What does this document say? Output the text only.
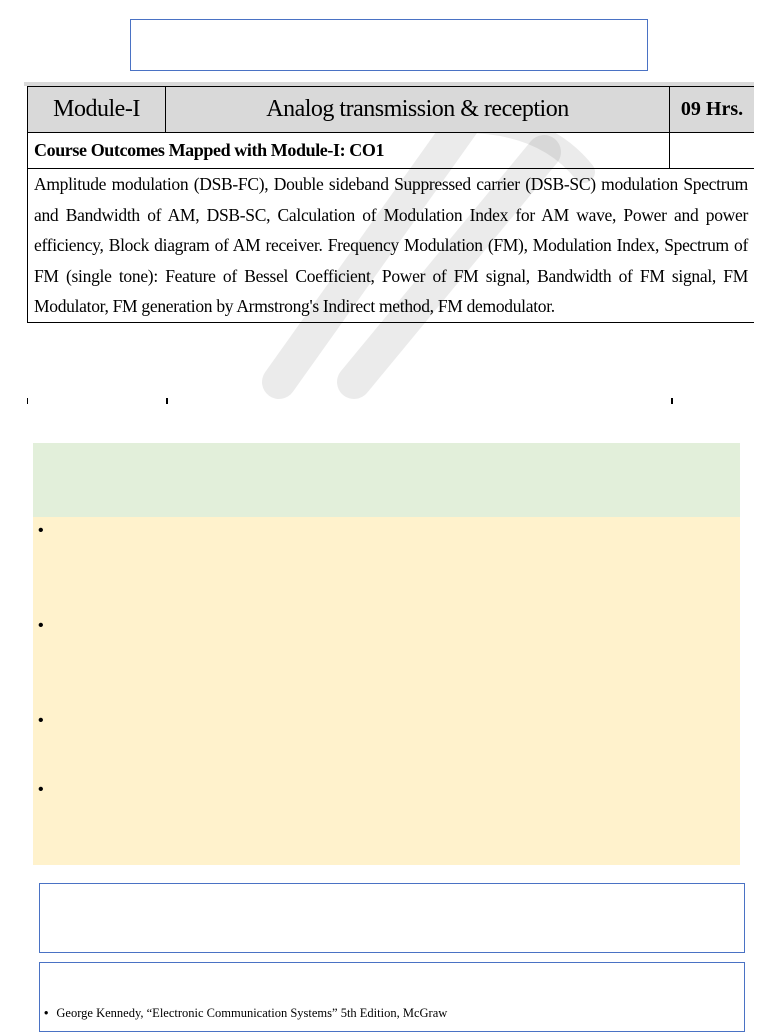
Module-I	Analog transmission & reception	09 Hrs.
Course Outcomes Mapped with Module-I: CO1		
Amplitude modulation (DSB-FC), Double sideband Suppressed carrier (DSB-SC) modulation Spectrum and Bandwidth of AM, DSB-SC, Calculation of Modulation Index for AM wave, Power and power efficiency, Block diagram of AM receiver. Frequency Modulation (FM), Modulation Index, Spectrum of FM (single tone): Feature of Bessel Coefficient, Power of FM signal, Bandwidth of FM signal, FM Modulator, FM generation by Armstrong's Indirect method, FM demodulator.		
•
•
•
•
• George Kennedy, “Electronic Communication Systems” 5th Edition, McGraw
